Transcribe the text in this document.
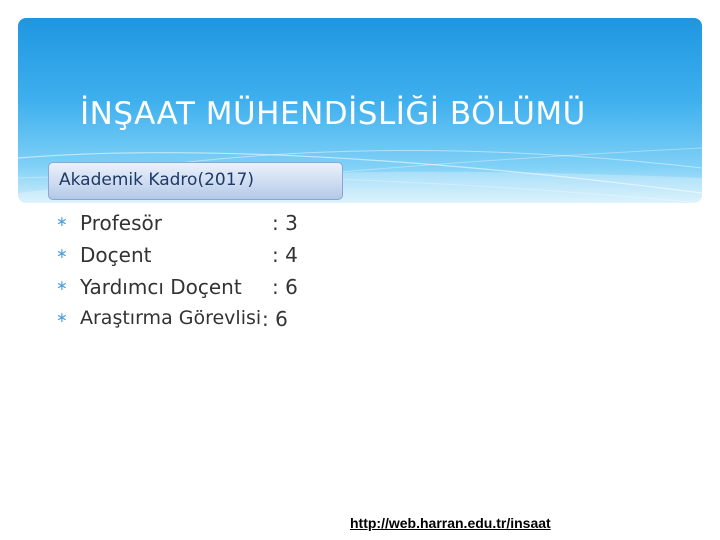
İNŞAAT MÜHENDİSLİĞİ BÖLÜMÜ
Akademik Kadro(2017)
∗ Profesör	: 3
∗ Doçent	: 4
∗ Yardımcı Doçent : 6
∗ Araştırma Görevlisi : 6
http://web.harran.edu.tr/insaat
